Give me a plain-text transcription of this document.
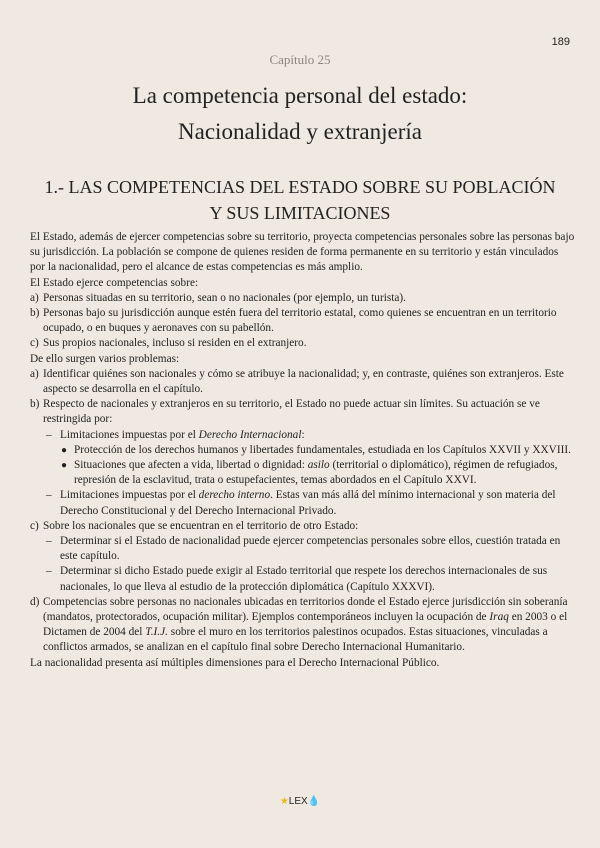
189
Capítulo 25
La competencia personal del estado:
Nacionalidad y extranjería
1.- LAS COMPETENCIAS DEL ESTADO SOBRE SU POBLACIÓN Y SUS LIMITACIONES

El Estado, además de ejercer competencias sobre su territorio, proyecta competencias personales sobre las personas bajo su jurisdicción. La población se compone de quienes residen de forma permanente en su territorio y están vinculados por la nacionalidad, pero el alcance de estas competencias es más amplio.

El Estado ejerce competencias sobre:

a) Personas situadas en su territorio, sean o no nacionales (por ejemplo, un turista).
b) Personas bajo su jurisdicción aunque estén fuera del territorio estatal, como quienes se encuentran en un territorio ocupado, o en buques y aeronaves con su pabellón.
c) Sus propios nacionales, incluso si residen en el extranjero.

De ello surgen varios problemas:

a) Identificar quiénes son nacionales y cómo se atribuye la nacionalidad; y, en contraste, quiénes son extranjeros. Este aspecto se desarrolla en el capítulo.
b) Respecto de nacionales y extranjeros en su territorio, el Estado no puede actuar sin límites. Su actuación se ve restringida por:
– Limitaciones impuestas por el Derecho Internacional:
● Protección de los derechos humanos y libertades fundamentales, estudiada en los Capítulos XXVII y XXVIII.
● Situaciones que afecten a vida, libertad o dignidad: asilo (territorial o diplomático), régimen de refugiados, represión de la esclavitud, trata o estupefacientes, temas abordados en el Capítulo XXVI.
– Limitaciones impuestas por el derecho interno. Estas van más allá del mínimo internacional y son materia del Derecho Constitucional y del Derecho Internacional Privado.
c) Sobre los nacionales que se encuentran en el territorio de otro Estado:
– Determinar si el Estado de nacionalidad puede ejercer competencias personales sobre ellos, cuestión tratada en este capítulo.
– Determinar si dicho Estado puede exigir al Estado territorial que respete los derechos internacionales de sus nacionales, lo que lleva al estudio de la protección diplomática (Capítulo XXXVI).
d) Competencias sobre personas no nacionales ubicadas en territorios donde el Estado ejerce jurisdicción sin soberanía (mandatos, protectorados, ocupación militar). Ejemplos contemporáneos incluyen la ocupación de Iraq en 2003 o el Dictamen de 2004 del T.I.J. sobre el muro en los territorios palestinos ocupados. Estas situaciones, vinculadas a conflictos armados, se analizan en el capítulo final sobre Derecho Internacional Humanitario.

La nacionalidad presenta así múltiples dimensiones para el Derecho Internacional Público.

★LEX💧
